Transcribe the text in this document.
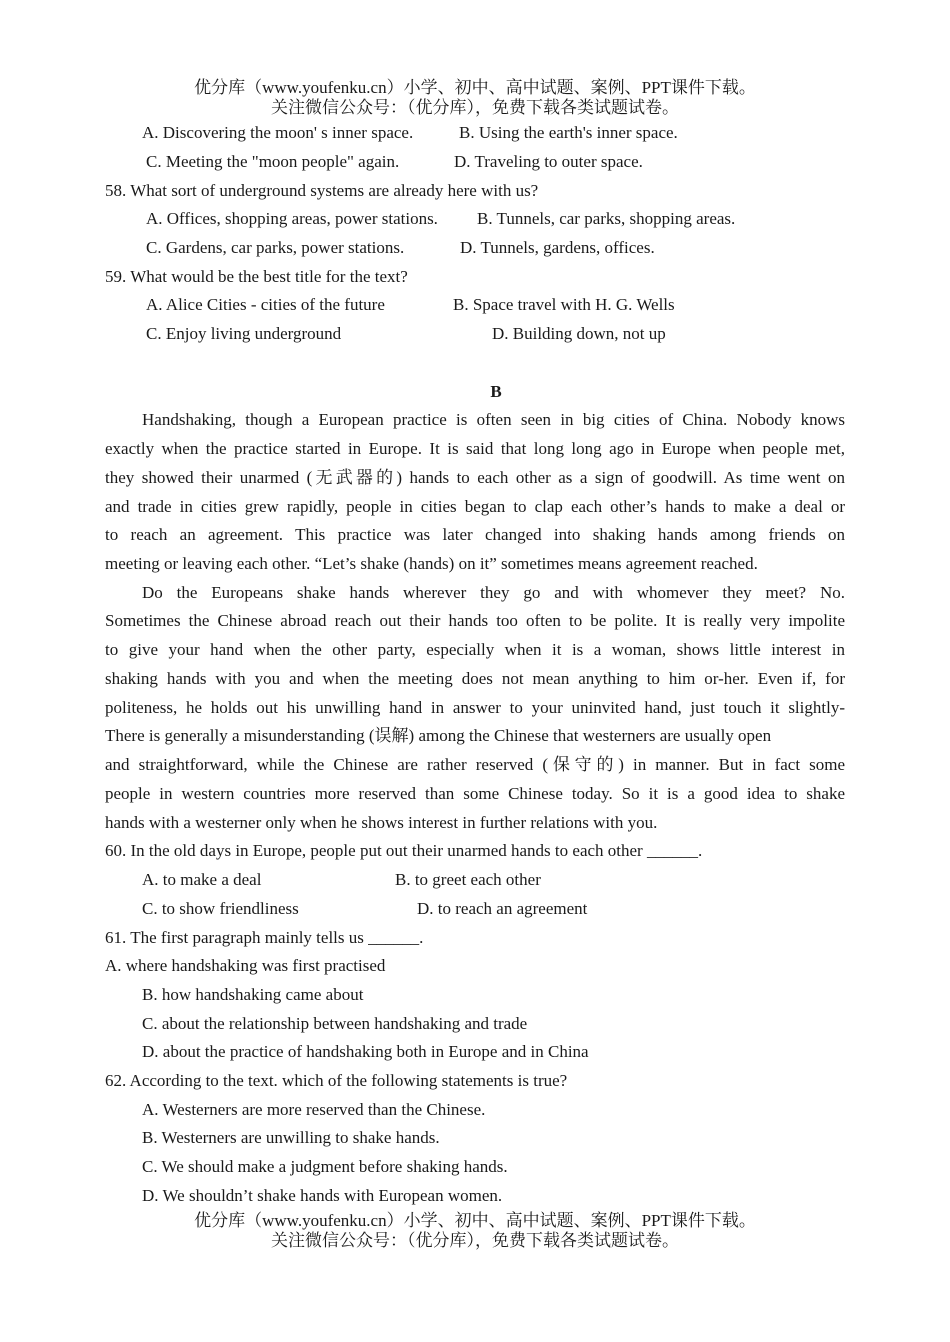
优分库（www.youfenku.cn）小学、初中、高中试题、案例、PPT课件下载。
关注微信公众号：（优分库），免费下载各类试题试卷。
A. Discovering the moon' s inner space.	B. Using the earth's inner space.
C. Meeting the "moon people" again.	D. Traveling to outer space.
58. What sort of underground systems are already here with us?
A. Offices, shopping areas, power stations. B. Tunnels, car parks, shopping areas.
C. Gardens, car parks, power stations.	D. Tunnels, gardens, offices.
59. What would be the best title for the text?
A. Alice Cities - cities of the future	B. Space travel with H. G. Wells
C. Enjoy living underground	D. Building down, not up
B
Handshaking, though a European practice is often seen in big cities of China. Nobody knows
exactly when the practice started in Europe. It is said that long long ago in Europe when people met,
they showed their unarmed (无武器的) hands to each other as a sign of goodwill. As time went on
and trade in cities grew rapidly, people in cities began to clap each other’s hands to make a deal or
to reach an agreement. This practice was later changed into shaking hands among friends on
meeting or leaving each other. “Let’s shake (hands) on it” sometimes means agreement reached.
Do the Europeans shake hands wherever they go and with whomever they meet? No.
Sometimes the Chinese abroad reach out their hands too often to be polite. It is really very impolite
to give your hand when the other party, especially when it is a woman, shows little interest in
shaking hands with you and when the meeting does not mean anything to him or-her. Even if, for
politeness, he holds out his unwilling hand in answer to your uninvited hand, just touch it slightly-
There is generally a misunderstanding (误解) among the Chinese that westerners are usually open
and straightforward, while the Chinese are rather reserved (保守的) in manner. But in fact some
people in western countries more reserved than some Chinese today. So it is a good idea to shake
hands with a westerner only when he shows interest in further relations with you.
60. In the old days in Europe, people put out their unarmed hands to each other ______.
A. to make a deal	B. to greet each other
C. to show friendliness	D. to reach an agreement
61. The first paragraph mainly tells us ______.
A. where handshaking was first practised
B. how handshaking came about
C. about the relationship between handshaking and trade
D. about the practice of handshaking both in Europe and in China
62. According to the text. which of the following statements is true?
A. Westerners are more reserved than the Chinese.
B. Westerners are unwilling to shake hands.
C. We should make a judgment before shaking hands.
D. We shouldn’t shake hands with European women.
优分库（www.youfenku.cn）小学、初中、高中试题、案例、PPT课件下载。
关注微信公众号：（优分库），免费下载各类试题试卷。
